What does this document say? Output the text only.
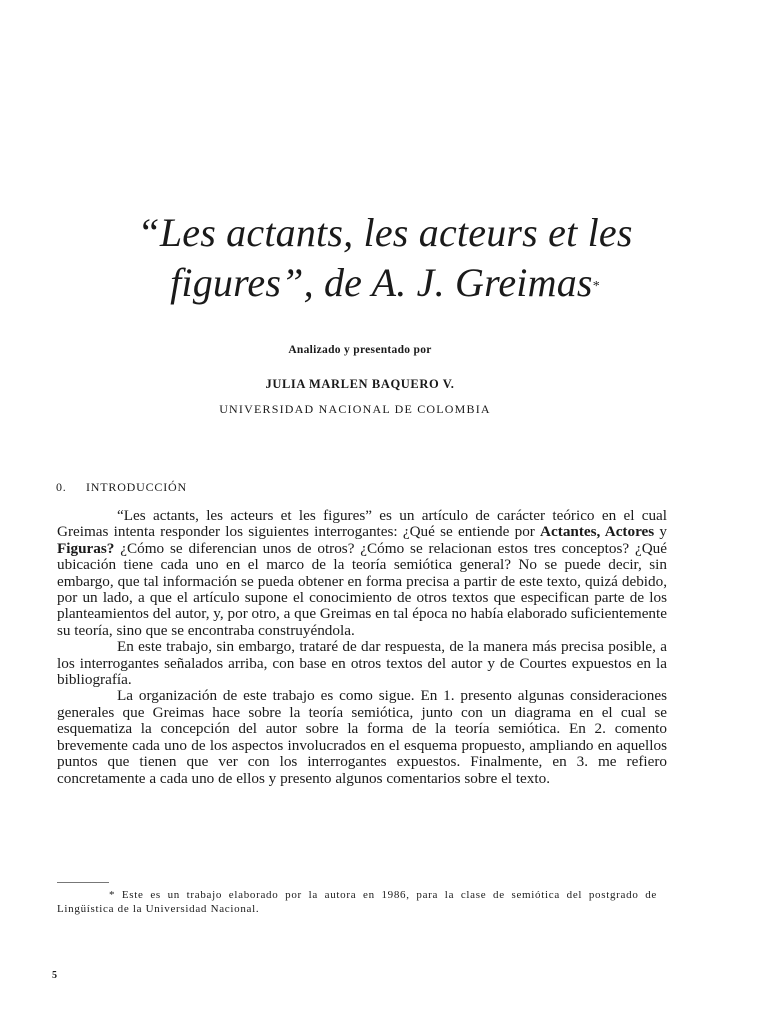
“Les actants, les acteurs et les
figures”, de A. J. Greimas*
Analizado y presentado por
JULIA MARLEN BAQUERO V.
UNIVERSIDAD NACIONAL DE COLOMBIA
0. INTRODUCCIÓN

“Les actants, les acteurs et les figures” es un artículo de carácter teórico en el cual Greimas intenta responder los siguientes interrogantes: ¿Qué se entiende por Actantes, Actores y Figuras? ¿Cómo se diferencian unos de otros? ¿Cómo se relacionan estos tres conceptos? ¿Qué ubicación tiene cada uno en el marco de la teoría semiótica general? No se puede decir, sin embargo, que tal información se pueda obtener en forma precisa a partir de este texto, quizá debido, por un lado, a que el artículo supone el conocimiento de otros textos que especifican parte de los planteamientos del autor, y, por otro, a que Greimas en tal época no había elaborado suficientemente su teoría, sino que se encontraba construyéndola.

En este trabajo, sin embargo, trataré de dar respuesta, de la manera más precisa posible, a los interrogantes señalados arriba, con base en otros textos del autor y de Courtes expuestos en la bibliografía.

La organización de este trabajo es como sigue. En 1. presento algunas consideraciones generales que Greimas hace sobre la teoría semiótica, junto con un diagrama en el cual se esquematiza la concepción del autor sobre la forma de la teoría semiótica. En 2. comento brevemente cada uno de los aspectos involucrados en el esquema propuesto, ampliando en aquellos puntos que tienen que ver con los interrogantes expuestos. Finalmente, en 3. me refiero concretamente a cada uno de ellos y presento algunos comentarios sobre el texto.

* Este es un trabajo elaborado por la autora en 1986, para la clase de semiótica del postgrado de Lingüística de la Universidad Nacional.

5
